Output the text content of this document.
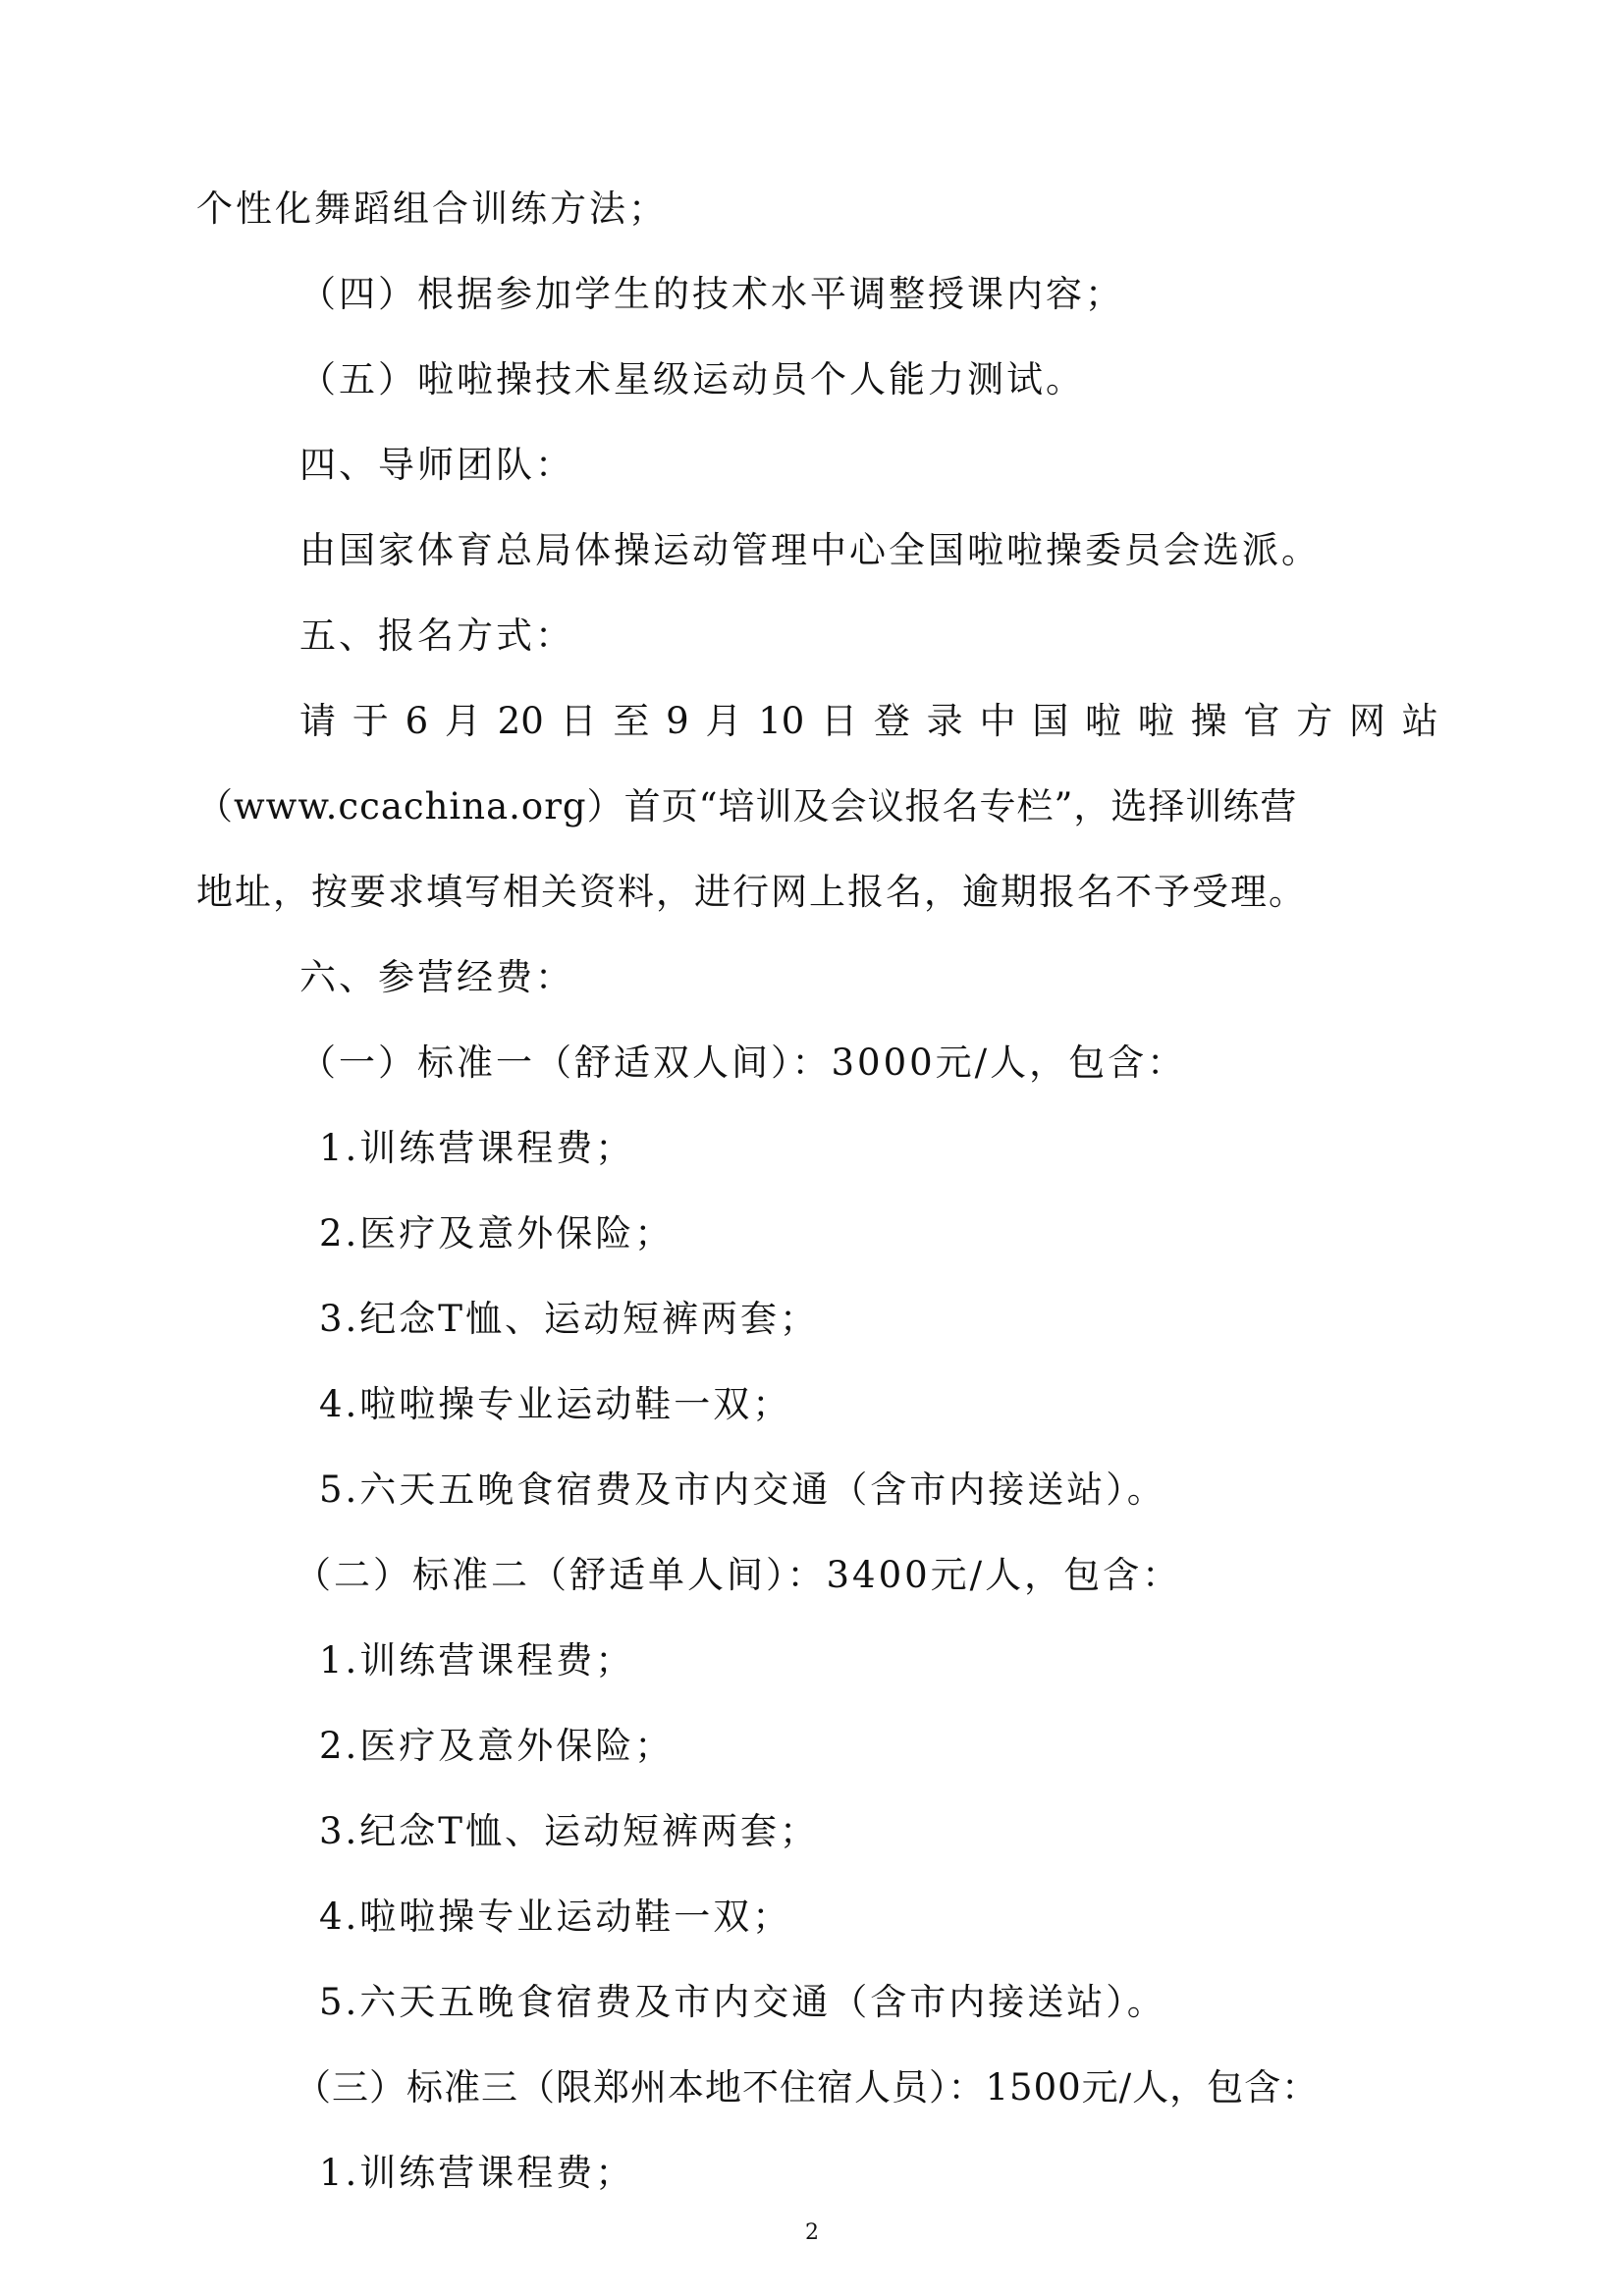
个性化舞蹈组合训练方法；
（四）根据参加学生的技术水平调整授课内容；
（五）啦啦操技术星级运动员个人能力测试。
四、导师团队：
由国家体育总局体操运动管理中心全国啦啦操委员会选派。
五、报名方式：
请 于 6 月 20 日 至 9 月 10 日 登 录 中 国 啦 啦 操 官 方 网 站
（www.ccachina.org）首页“培训及会议报名专栏”，选择训练营
地址，按要求填写相关资料，进行网上报名，逾期报名不予受理。
六、参营经费：
（一）标准一（舒适双人间）：3000元/人，包含：
1.训练营课程费；
2.医疗及意外保险；
3.纪念T恤、运动短裤两套；
4.啦啦操专业运动鞋一双；
5.六天五晚食宿费及市内交通（含市内接送站）。
（二）标准二（舒适单人间）：3400元/人，包含：
1.训练营课程费；
2.医疗及意外保险；
3.纪念T恤、运动短裤两套；
4.啦啦操专业运动鞋一双；
5.六天五晚食宿费及市内交通（含市内接送站）。
（三）标准三（限郑州本地不住宿人员）：1500元/人，包含：
1.训练营课程费；
2
